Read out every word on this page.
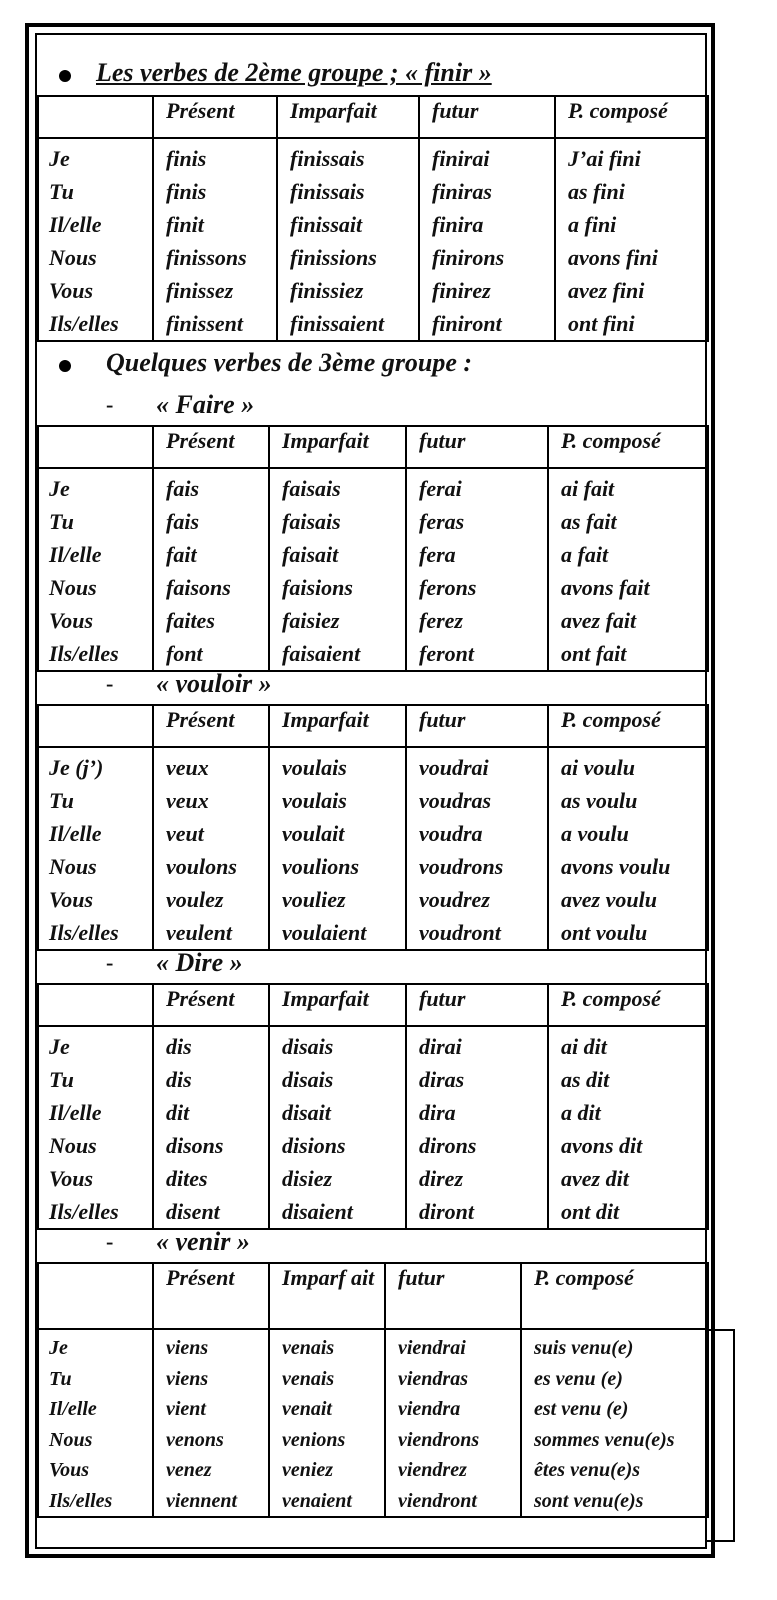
Les verbes de 2ème groupe ; « finir »
	Présent	Imparfait	futur	P. composé
Je	finis	finissais	finirai	J’ai fini
Tu	finis	finissais	finiras	as fini
Il/elle	finit	finissait	finira	a fini
Nous	finissons	finissions	finirons	avons fini
Vous	finissez	finissiez	finirez	avez fini
Ils/elles	finissent	finissaient	finiront	ont fini
Quelques verbes de 3ème groupe :
- « Faire »
	Présent	Imparfait	futur	P. composé
Je	fais	faisais	ferai	ai fait
Tu	fais	faisais	feras	as fait
Il/elle	fait	faisait	fera	a fait
Nous	faisons	faisions	ferons	avons fait
Vous	faites	faisiez	ferez	avez fait
Ils/elles	font	faisaient	feront	ont fait
- « vouloir »
	Présent	Imparfait	futur	P. composé
Je (j’)	veux	voulais	voudrai	ai voulu
Tu	veux	voulais	voudras	as voulu
Il/elle	veut	voulait	voudra	a voulu
Nous	voulons	voulions	voudrons	avons voulu
Vous	voulez	vouliez	voudrez	avez voulu
Ils/elles	veulent	voulaient	voudront	ont voulu
- « Dire »
	Présent	Imparfait	futur	P. composé
Je	dis	disais	dirai	ai dit
Tu	dis	disais	diras	as dit
Il/elle	dit	disait	dira	a dit
Nous	disons	disions	dirons	avons dit
Vous	dites	disiez	direz	avez dit
Ils/elles	disent	disaient	diront	ont dit
- « venir »
	Présent	Imparf ait	futur	P. composé
Je	viens	venais	viendrai	suis venu(e)
Tu	viens	venais	viendras	es venu (e)
Il/elle	vient	venait	viendra	est venu (e)
Nous	venons	venions	viendrons	sommes venu(e)s
Vous	venez	veniez	viendrez	êtes venu(e)s
Ils/elles	viennent	venaient	viendront	sont venu(e)s
